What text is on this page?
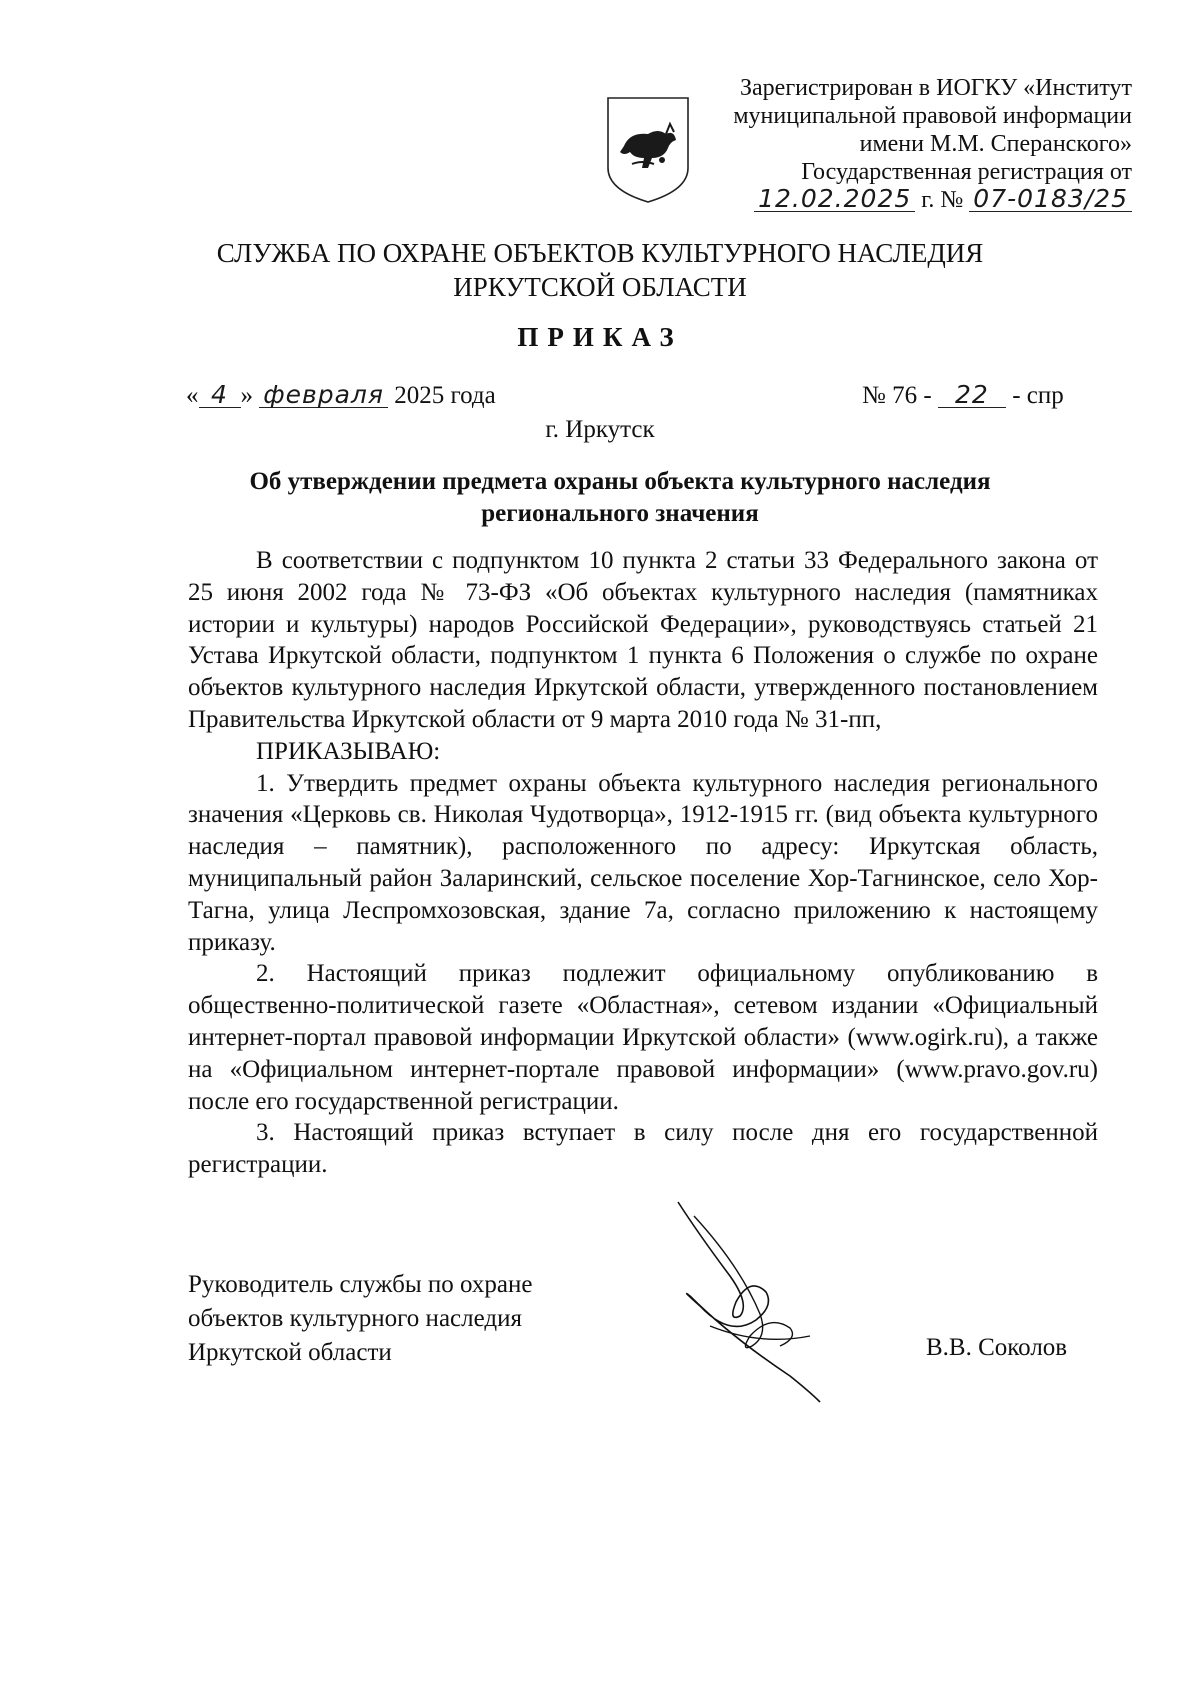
Зарегистрирован в ИОГКУ «Институт
муниципальной правовой информации
имени М.М. Сперанского»
Государственная регистрация от
12.02.2025 г. № 07-0183/25
СЛУЖБА ПО ОХРАНЕ ОБЪЕКТОВ КУЛЬТУРНОГО НАСЛЕДИЯ
ИРКУТСКОЙ ОБЛАСТИ
ПРИКАЗ
« 4 » февраля 2025 года	№ 76 - 22 - спр
г. Иркутск
Об утверждении предмета охраны объекта культурного наследия
регионального значения

В соответствии с подпунктом 10 пункта 2 статьи 33 Федерального закона от 25 июня 2002 года № 73-ФЗ «Об объектах культурного наследия (памятниках истории и культуры) народов Российской Федерации», руководствуясь статьей 21 Устава Иркутской области, подпунктом 1 пункта 6 Положения о службе по охране объектов культурного наследия Иркутской области, утвержденного постановлением Правительства Иркутской области от 9 марта 2010 года № 31-пп,

ПРИКАЗЫВАЮ:

1. Утвердить предмет охраны объекта культурного наследия регионального значения «Церковь св. Николая Чудотворца», 1912-1915 гг. (вид объекта культурного наследия – памятник), расположенного по адресу: Иркутская область, муниципальный район Заларинский, сельское поселение Хор-Тагнинское, село Хор-Тагна, улица Леспромхозовская, здание 7а, согласно приложению к настоящему приказу.

2. Настоящий приказ подлежит официальному опубликованию в общественно-политической газете «Областная», сетевом издании «Официальный интернет-портал правовой информации Иркутской области» (www.ogirk.ru), а также на «Официальном интернет-портале правовой информации» (www.pravo.gov.ru) после его государственной регистрации.

3. Настоящий приказ вступает в силу после дня его государственной регистрации.

Руководитель службы по охране
объектов культурного наследия
Иркутской области	В.В. Соколов
